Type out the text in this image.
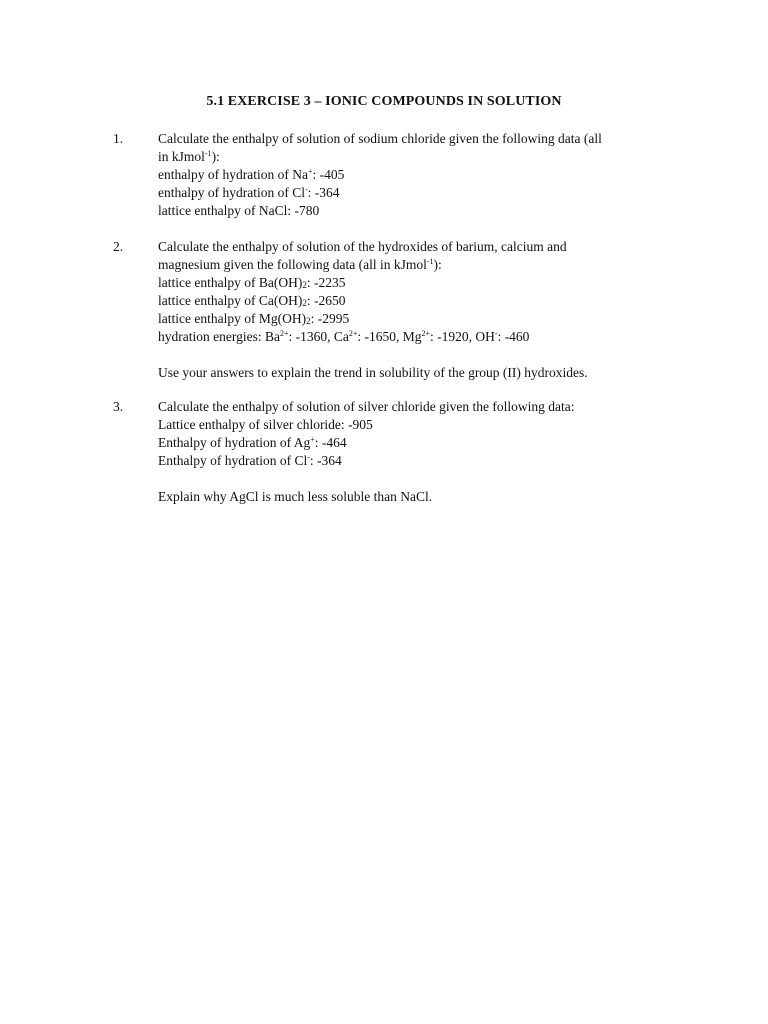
5.1 EXERCISE 3 – IONIC COMPOUNDS IN SOLUTION
1.	Calculate the enthalpy of solution of sodium chloride given the following data (all
in kJmol$^{-1}$):
enthalpy of hydration of Na+: -405
enthalpy of hydration of Cl-: -364
lattice enthalpy of NaCl: -780
2.	Calculate the enthalpy of solution of the hydroxides of barium, calcium and
magnesium given the following data (all in kJmol$^{-1}$):
lattice enthalpy of $Ba(OH)_2$: -2235
lattice enthalpy of $Ca(OH)_2$: -2650
lattice enthalpy of $Mg(OH)_2$: -2995
hydration energies: $Ba^{2+}$: -1360, $Ca^{2+}$: -1650, $Mg^{2+}$: -1920, OH-: -460
Use your answers to explain the trend in solubility of the group (II) hydroxides.
3.	Calculate the enthalpy of solution of silver chloride given the following data:
Lattice enthalpy of silver chloride: -905
Enthalpy of hydration of Ag+: -464
Enthalpy of hydration of Cl-: -364
Explain why AgCl is much less soluble than NaCl.
